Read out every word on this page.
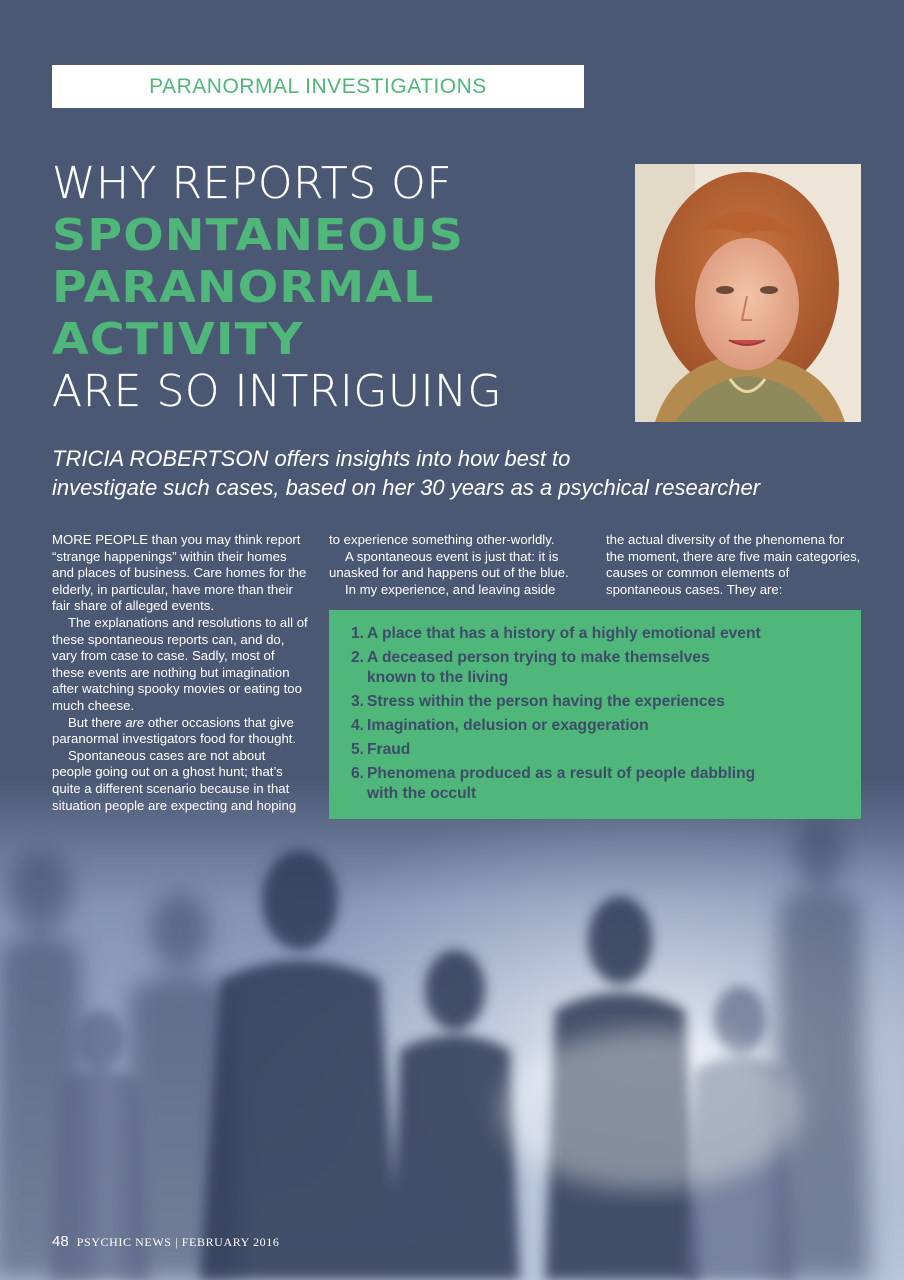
PARANORMAL INVESTIGATIONS
WHY REPORTS OF
SPONTANEOUS
PARANORMAL
ACTIVITY
ARE SO INTRIGUING
TRICIA ROBERTSON offers insights into how best to
investigate such cases, based on her 30 years as a psychical researcher

MORE PEOPLE than you may think report “strange happenings” within their homes and places of business. Care homes for the elderly, in particular, have more than their fair share of alleged events.

The explanations and resolutions to all of these spontaneous reports can, and do, vary from case to case. Sadly, most of these events are nothing but imagination after watching spooky movies or eating too much cheese.

But there are other occasions that give paranormal investigators food for thought.

Spontaneous cases are not about people going out on a ghost hunt; that’s quite a different scenario because in that situation people are expecting and hoping

to experience something other-worldly.

A spontaneous event is just that: it is unasked for and happens out of the blue.

In my experience, and leaving aside

the actual diversity of the phenomena for the moment, there are five main categories, causes or common elements of spontaneous cases. They are:

1. A place that has a history of a highly emotional event
2. A deceased person trying to make themselves known to the living
3. Stress within the person having the experiences
4. Imagination, delusion or exaggeration
5. Fraud
6. Phenomena produced as a result of people dabbling with the occult
48 PSYCHIC NEWS | FEBRUARY 2016
